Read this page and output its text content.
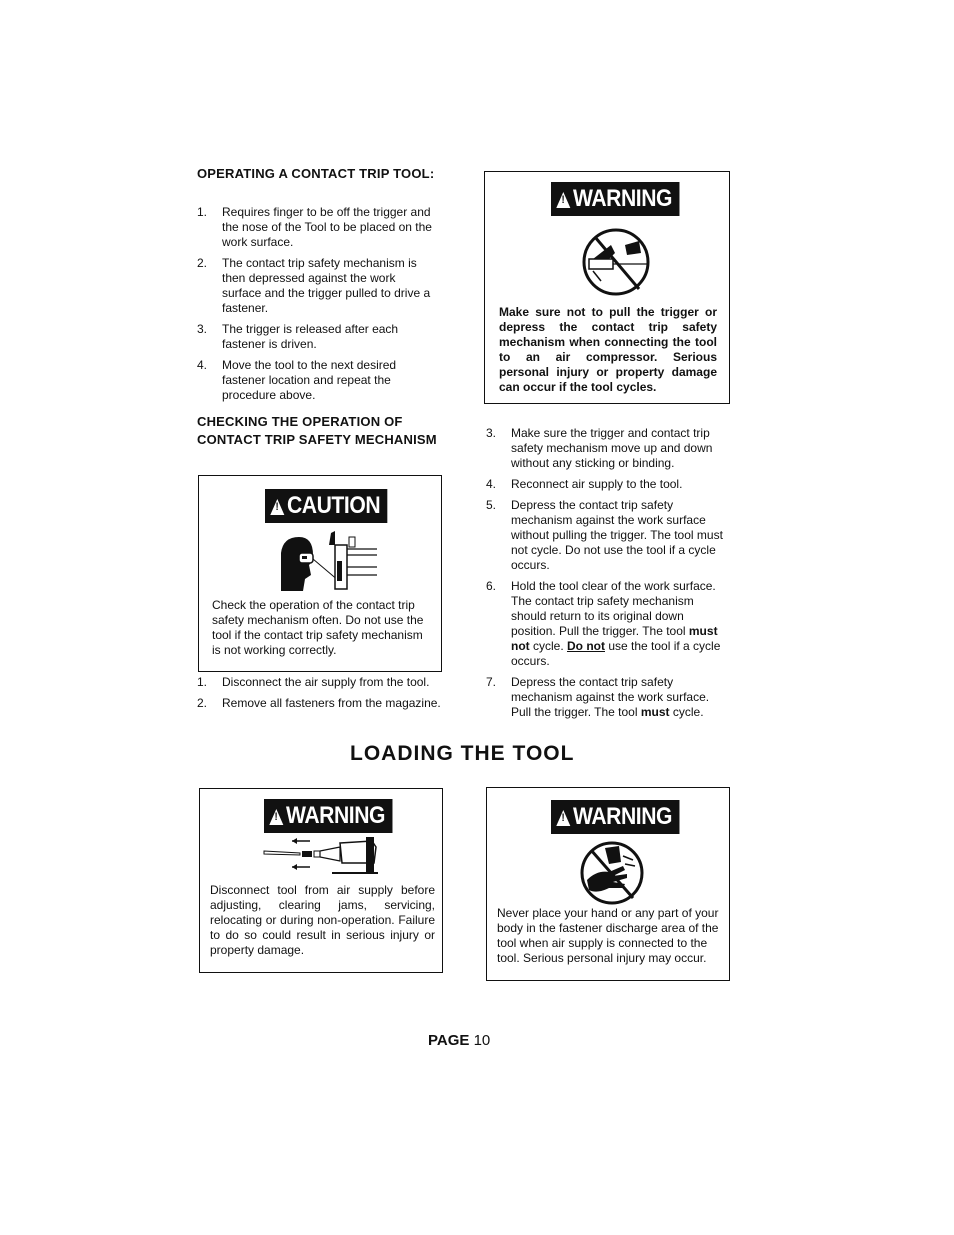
OPERATING A CONTACT TRIP TOOL:
1. Requires finger to be off the trigger and the nose of the Tool to be placed on the work surface.
2. The contact trip safety mechanism is then depressed against the work surface and the trigger pulled to drive a fastener.
3. The trigger is released after each fastener is driven.
4. Move the tool to the next desired fastener location and repeat the procedure above.
CHECKING THE OPERATION OF CONTACT TRIP SAFETY MECHANISM
!CAUTION
Check the operation of the contact trip safety mechanism often. Do not use the tool if the contact trip safety mechanism is not working correctly.
1. Disconnect the air supply from the tool.
2. Remove all fasteners from the magazine.
!WARNING
Make sure not to pull the trigger or depress the contact trip safety mechanism when connecting the tool to an air compressor. Serious personal injury or property damage can occur if the tool cycles.
3. Make sure the trigger and contact trip safety mechanism move up and down without any sticking or binding.
4. Reconnect air supply to the tool.
5. Depress the contact trip safety mechanism against the work surface without pulling the trigger. The tool must not cycle. Do not use the tool if a cycle occurs.
6. Hold the tool clear of the work surface. The contact trip safety mechanism should return to its original down position. Pull the trigger. The tool must not cycle. Do not use the tool if a cycle occurs.
7. Depress the contact trip safety mechanism against the work surface. Pull the trigger. The tool must cycle.
LOADING THE TOOL
!WARNING
Disconnect tool from air supply before adjusting, clearing jams, servicing, relocating or during non-operation. Failure to do so could result in serious injury or property damage.
!WARNING
Never place your hand or any part of your body in the fastener discharge area of the tool when air supply is connected to the tool. Serious personal injury may occur.
PAGE 10
